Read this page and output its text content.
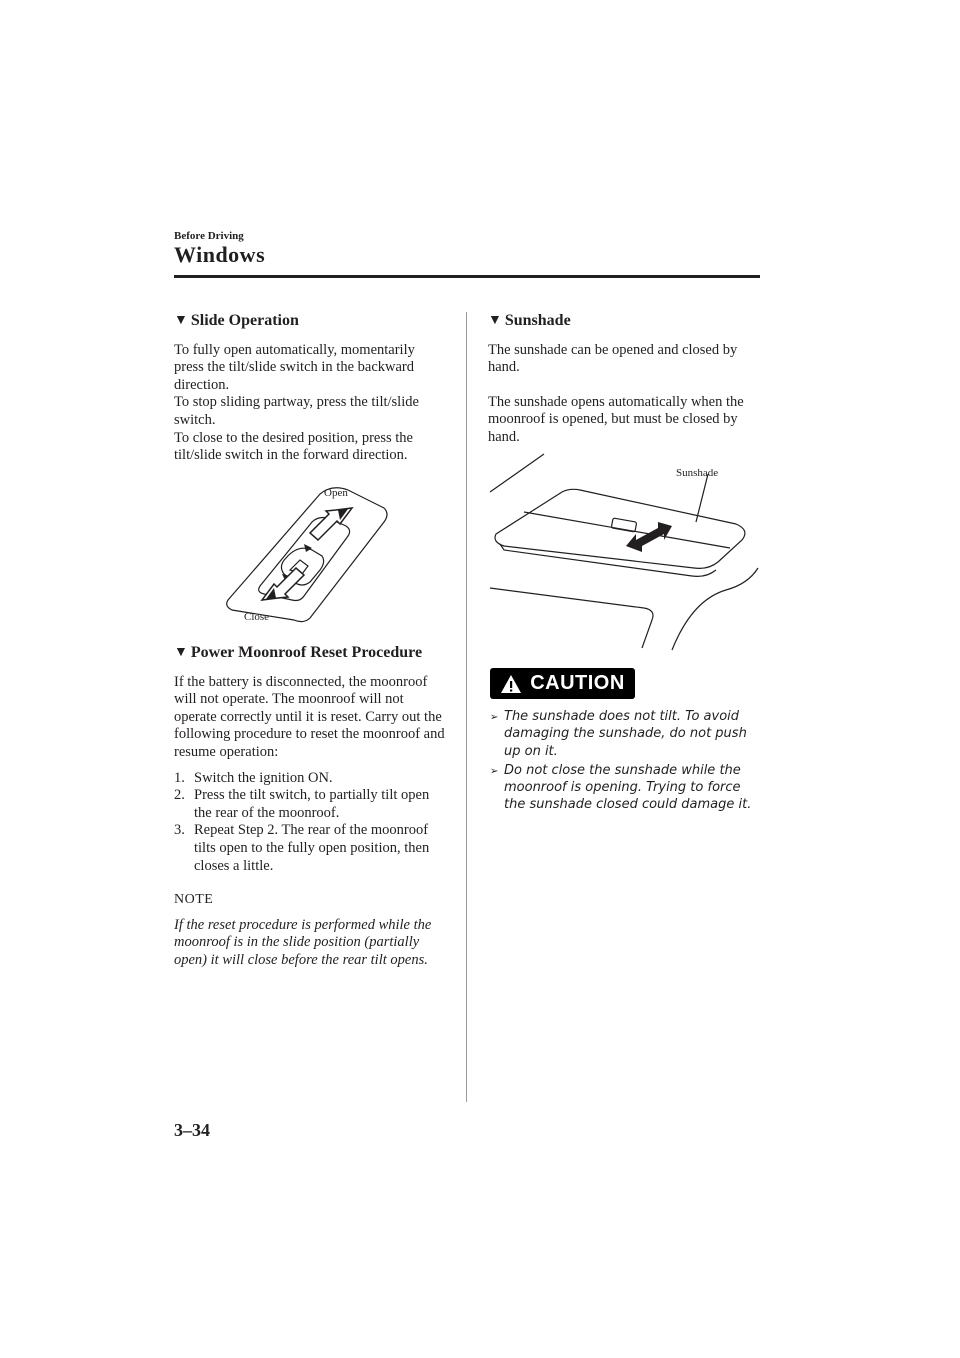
Before Driving
Windows
▼ Slide Operation

To fully open automatically, momentarily press the tilt/slide switch in the backward direction.

To stop sliding partway, press the tilt/slide switch.

To close to the desired position, press the tilt/slide switch in the forward direction.

Open
Close
▼ Power Moonroof Reset Procedure

If the battery is disconnected, the moonroof will not operate. The moonroof will not operate correctly until it is reset. Carry out the following procedure to reset the moonroof and resume operation:

1. Switch the ignition ON.
2. Press the tilt switch, to partially tilt open the rear of the moonroof.
3. Repeat Step 2. The rear of the moonroof tilts open to the fully open position, then closes a little.

NOTE

If the reset procedure is performed while the moonroof is in the slide position (partially open) it will close before the rear tilt opens.

▼ Sunshade

The sunshade can be opened and closed by hand.

The sunshade opens automatically when the moonroof is opened, but must be closed by hand.

Sunshade
CAUTION
➢ The sunshade does not tilt. To avoid damaging the sunshade, do not push up on it.
➢ Do not close the sunshade while the moonroof is opening. Trying to force the sunshade closed could damage it.
3–34
